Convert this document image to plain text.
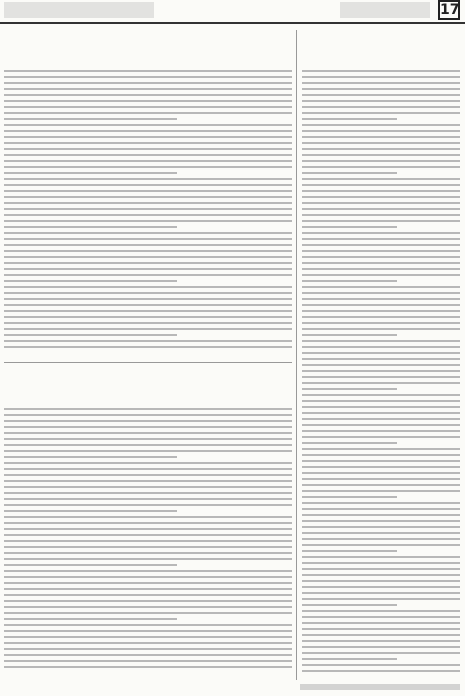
17
